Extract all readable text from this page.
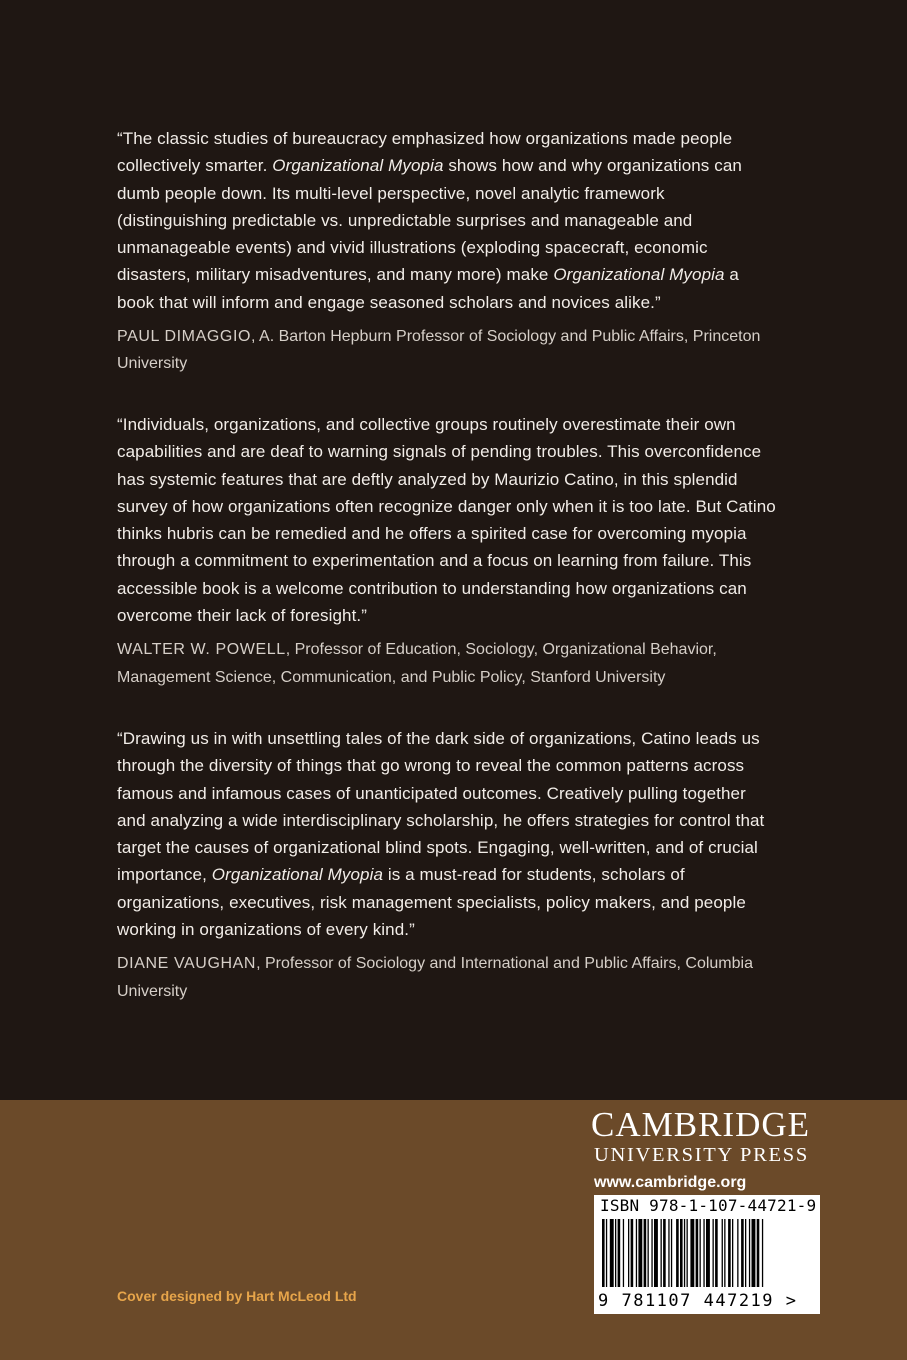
“The classic studies of bureaucracy emphasized how organizations made people collectively smarter. Organizational Myopia shows how and why organizations can dumb people down. Its multi-level perspective, novel analytic framework (distinguishing predictable vs. unpredictable surprises and manageable and unmanageable events) and vivid illustrations (exploding spacecraft, economic disasters, military misadventures, and many more) make Organizational Myopia a book that will inform and engage seasoned scholars and novices alike.”

PAUL DIMAGGIO, A. Barton Hepburn Professor of Sociology and Public Affairs, Princeton University

“Individuals, organizations, and collective groups routinely overestimate their own capabilities and are deaf to warning signals of pending troubles. This overconfidence has systemic features that are deftly analyzed by Maurizio Catino, in this splendid survey of how organizations often recognize danger only when it is too late. But Catino thinks hubris can be remedied and he offers a spirited case for overcoming myopia through a commitment to experimentation and a focus on learning from failure. This accessible book is a welcome contribution to understanding how organizations can overcome their lack of foresight.”

WALTER W. POWELL, Professor of Education, Sociology, Organizational Behavior, Management Science, Communication, and Public Policy, Stanford University

“Drawing us in with unsettling tales of the dark side of organizations, Catino leads us through the diversity of things that go wrong to reveal the common patterns across famous and infamous cases of unanticipated outcomes. Creatively pulling together and analyzing a wide interdisciplinary scholarship, he offers strategies for control that target the causes of organizational blind spots. Engaging, well-written, and of crucial importance, Organizational Myopia is a must-read for students, scholars of organizations, executives, risk management specialists, policy makers, and people working in organizations of every kind.”

DIANE VAUGHAN, Professor of Sociology and International and Public Affairs, Columbia University

CAMBRIDGE
UNIVERSITY PRESS
www.cambridge.org
ISBN 978-1-107-44721-9
9 781107 447219 >
Cover designed by Hart McLeod Ltd
